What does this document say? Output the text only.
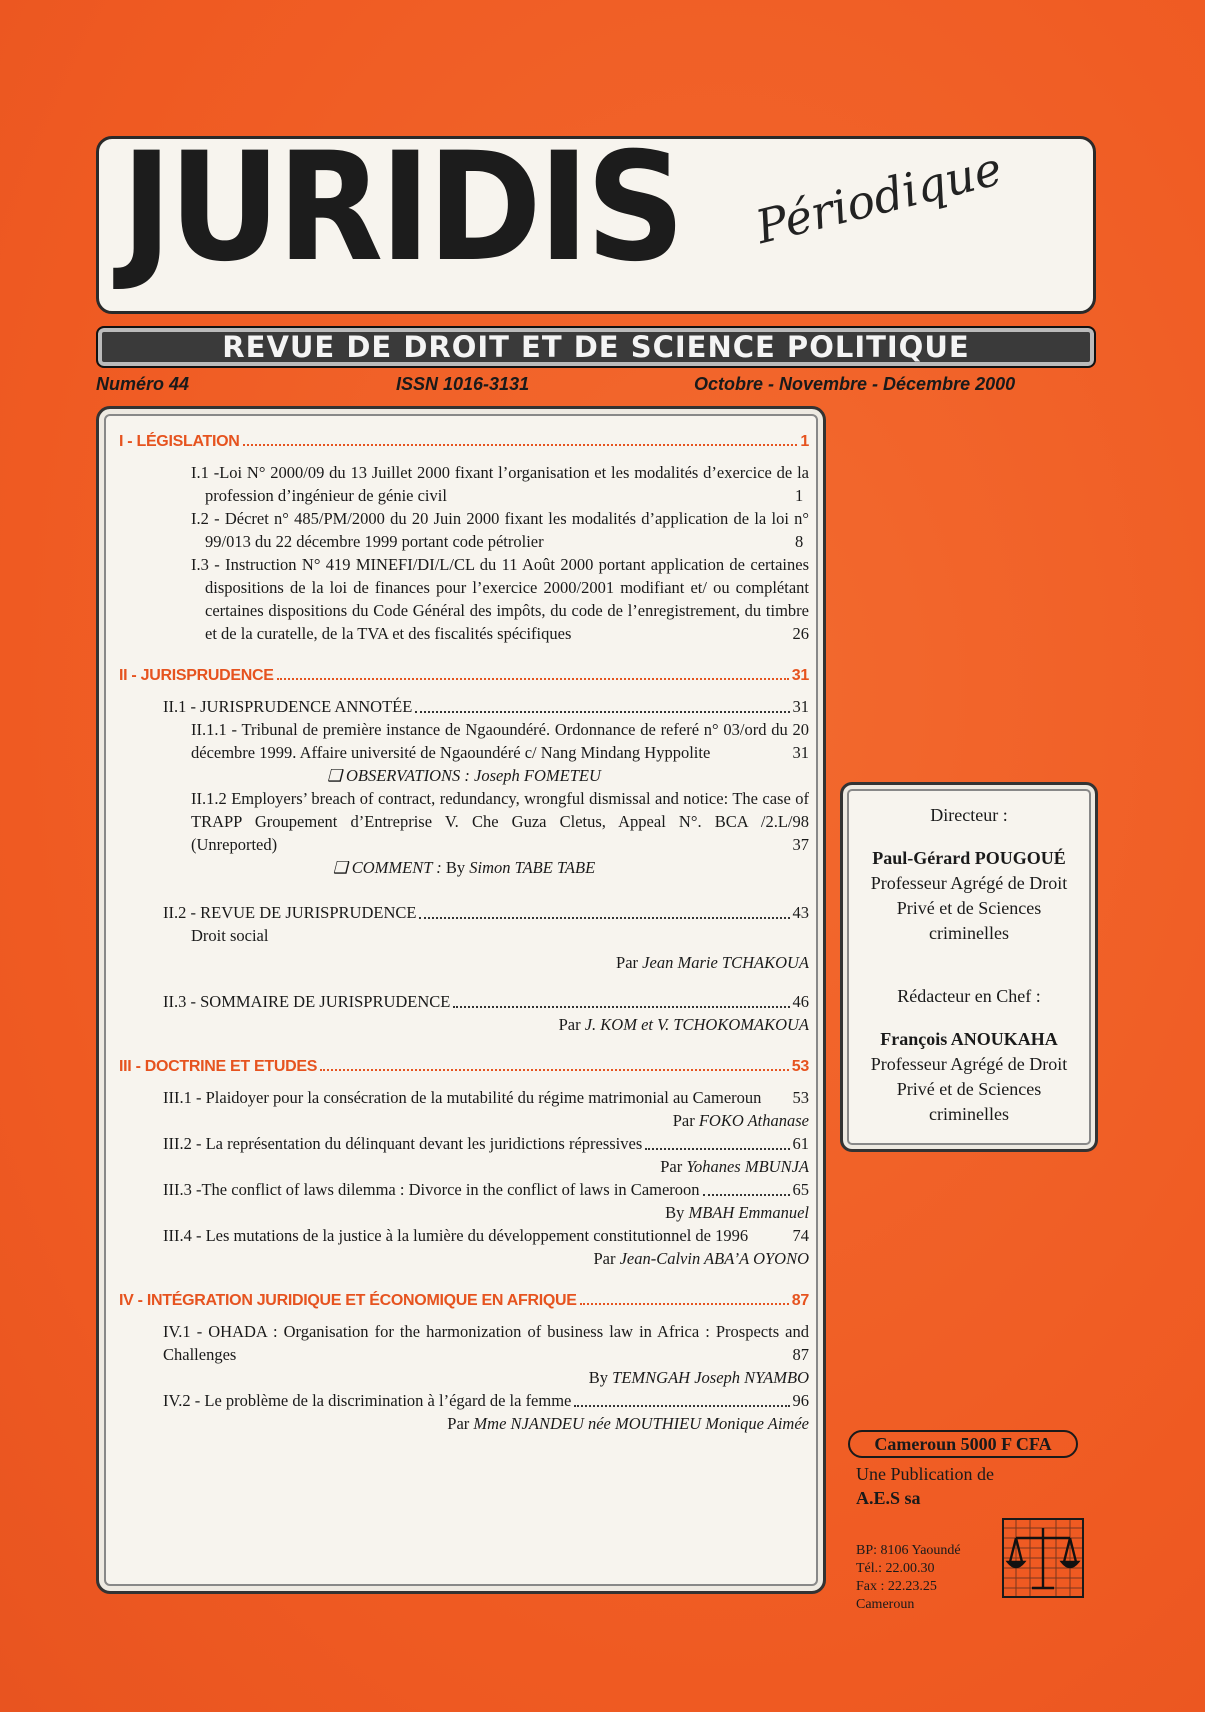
JURIDIS Périodique
REVUE DE DROIT ET DE SCIENCE POLITIQUE
Numéro 44	ISSN 1016-3131	Octobre - Novembre - Décembre 2000
I - LÉGISLATION	1
I.1 -Loi N° 2000/09 du 13 Juillet 2000 fixant l’organisation et les modalités d’exercice de la profession d’ingénieur de génie civil	1
I.2 - Décret n° 485/PM/2000 du 20 Juin 2000 fixant les modalités d’application de la loi n° 99/013 du 22 décembre 1999 portant code pétrolier	8
I.3 - Instruction N° 419 MINEFI/DI/L/CL du 11 Août 2000 portant application de certaines dispositions de la loi de finances pour l’exercice 2000/2001 modifiant et/ ou complétant certaines dispositions du Code Général des impôts, du code de l’enregistrement, du timbre et de la curatelle, de la TVA et des fiscalités spécifiques	26
II - JURISPRUDENCE	31
II.1 - JURISPRUDENCE ANNOTÉE	31
II.1.1 - Tribunal de première instance de Ngaoundéré. Ordonnance de referé n° 03/ord du 20 décembre 1999. Affaire université de Ngaoundéré c/ Nang Mindang Hyppolite	31
❑ OBSERVATIONS : Joseph FOMETEU
II.1.2 Employers’ breach of contract, redundancy, wrongful dismissal and notice: The case of TRAPP Groupement d’Entreprise V. Che Guza Cletus, Appeal N°. BCA /2.L/98 (Unreported)	37
❑ COMMENT : By Simon TABE TABE
II.2 - REVUE DE JURISPRUDENCE	43
Droit social
Par Jean Marie TCHAKOUA
II.3 - SOMMAIRE DE JURISPRUDENCE	46
Par J. KOM et V. TCHOKOMAKOUA
III - DOCTRINE ET ETUDES	53
III.1 - Plaidoyer pour la consécration de la mutabilité du régime matrimonial au Cameroun 53
Par FOKO Athanase
III.2 - La représentation du délinquant devant les juridictions répressives	61
Par Yohanes MBUNJA
III.3 -The conflict of laws dilemma : Divorce in the conflict of laws in Cameroon	65
By MBAH Emmanuel
III.4 - Les mutations de la justice à la lumière du développement constitutionnel de 1996	74
Par Jean-Calvin ABA’A OYONO
IV - INTÉGRATION JURIDIQUE ET ÉCONOMIQUE EN AFRIQUE	87
IV.1 - OHADA : Organisation for the harmonization of business law in Africa : Prospects and Challenges	87
By TEMNGAH Joseph NYAMBO
IV.2 - Le problème de la discrimination à l’égard de la femme	96
Par Mme NJANDEU née MOUTHIEU Monique Aimée
Directeur :
Paul-Gérard POUGOUÉ
Professeur Agrégé de Droit Privé et de Sciences criminelles
Rédacteur en Chef :
François ANOUKAHA
Professeur Agrégé de Droit Privé et de Sciences criminelles
Cameroun 5000 F CFA
Une Publication de
A.E.S sa
BP: 8106 Yaoundé
Tél.: 22.00.30
Fax : 22.23.25
Cameroun
